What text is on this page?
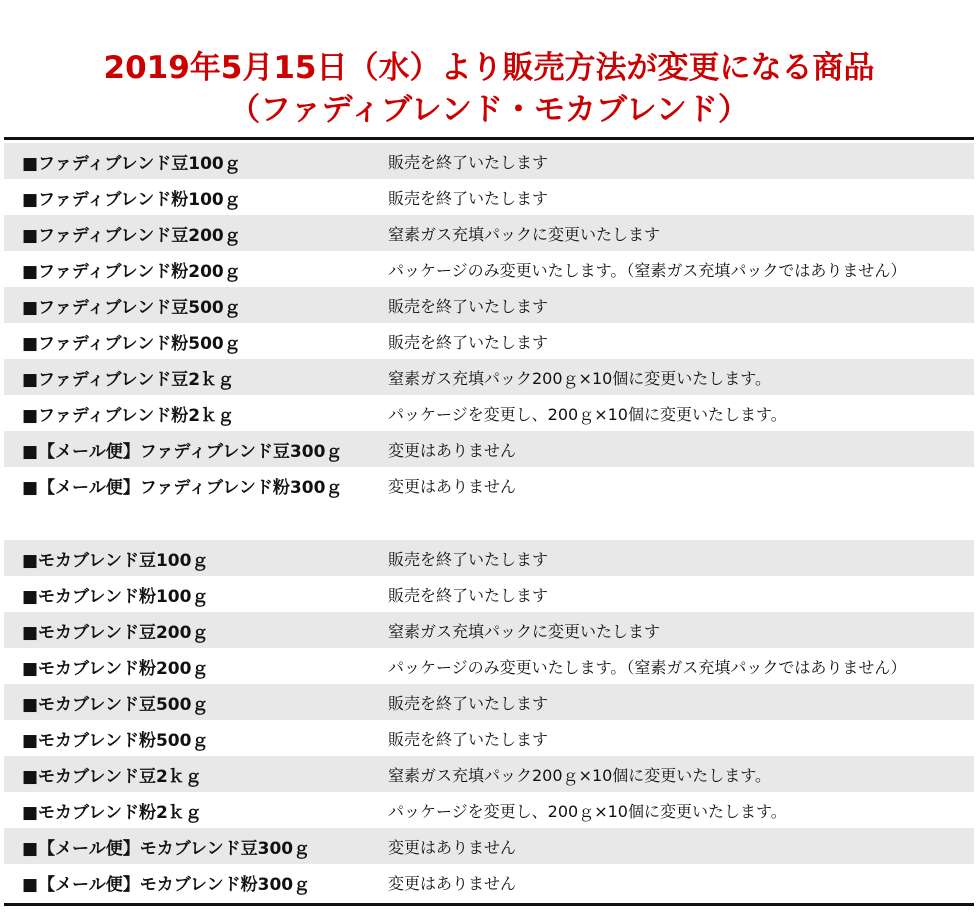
2019年5月15日（水）より販売方法が変更になる商品
（ファディブレンド・モカブレンド）
■ファディブレンド豆100ｇ	販売を終了いたします
■ファディブレンド粉100ｇ	販売を終了いたします
■ファディブレンド豆200ｇ	窒素ガス充填パックに変更いたします
■ファディブレンド粉200ｇ	パッケージのみ変更いたします。（窒素ガス充填パックではありません）
■ファディブレンド豆500ｇ	販売を終了いたします
■ファディブレンド粉500ｇ	販売を終了いたします
■ファディブレンド豆2ｋｇ	窒素ガス充填パック200ｇ×10個に変更いたします。
■ファディブレンド粉2ｋｇ	パッケージを変更し、200ｇ×10個に変更いたします。
■【メール便】ファディブレンド豆300ｇ	変更はありません
■【メール便】ファディブレンド粉300ｇ	変更はありません
■モカブレンド豆100ｇ	販売を終了いたします
■モカブレンド粉100ｇ	販売を終了いたします
■モカブレンド豆200ｇ	窒素ガス充填パックに変更いたします
■モカブレンド粉200ｇ	パッケージのみ変更いたします。（窒素ガス充填パックではありません）
■モカブレンド豆500ｇ	販売を終了いたします
■モカブレンド粉500ｇ	販売を終了いたします
■モカブレンド豆2ｋｇ	窒素ガス充填パック200ｇ×10個に変更いたします。
■モカブレンド粉2ｋｇ	パッケージを変更し、200ｇ×10個に変更いたします。
■【メール便】モカブレンド豆300ｇ	変更はありません
■【メール便】モカブレンド粉300ｇ	変更はありません
